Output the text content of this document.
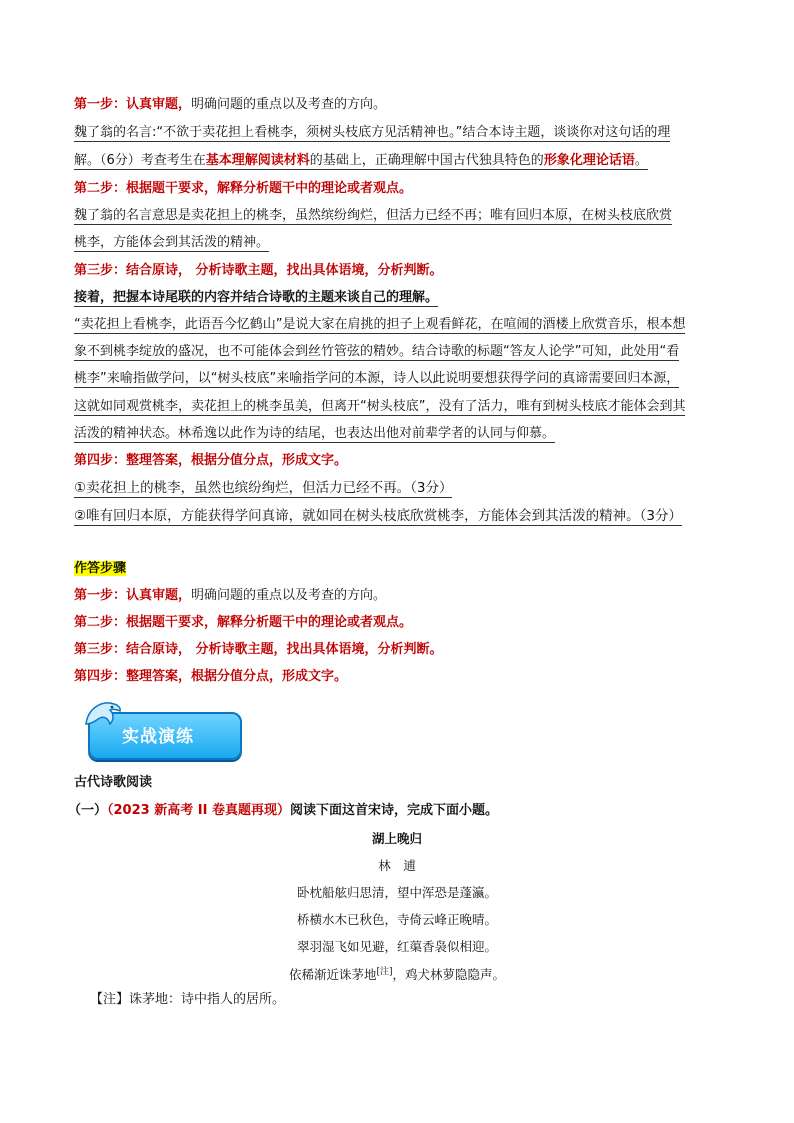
第一步：认真审题，明确问题的重点以及考查的方向。
魏了翁的名言:“不欲于卖花担上看桃李，须树头枝底方见活精神也。”结合本诗主题，谈谈你对这句话的理
解。（6分）考查考生在基本理解阅读材料的基础上，正确理解中国古代独具特色的形象化理论话语。
第二步：根据题干要求，解释分析题干中的理论或者观点。
魏了翁的名言意思是卖花担上的桃李，虽然缤纷绚烂，但活力已经不再；唯有回归本原，在树头枝底欣赏
桃李，方能体会到其活泼的精神。
第三步：结合原诗， 分析诗歌主题，找出具体语境，分析判断。
接着，把握本诗尾联的内容并结合诗歌的主题来谈自己的理解。
“卖花担上看桃李，此语吾今忆鹤山”是说大家在肩挑的担子上观看鲜花，在喧闹的酒楼上欣赏音乐，根本想
象不到桃李绽放的盛况，也不可能体会到丝竹管弦的精妙。结合诗歌的标题“答友人论学”可知，此处用“看
桃李”来喻指做学问，以“树头枝底”来喻指学问的本源，诗人以此说明要想获得学问的真谛需要回归本源，
这就如同观赏桃李，卖花担上的桃李虽美，但离开“树头枝底”，没有了活力，唯有到树头枝底才能体会到其
活泼的精神状态。林希逸以此作为诗的结尾，也表达出他对前辈学者的认同与仰慕。
第四步：整理答案，根据分值分点，形成文字。
①卖花担上的桃李，虽然也缤纷绚烂，但活力已经不再。（3分）
②唯有回归本原，方能获得学问真谛，就如同在树头枝底欣赏桃李，方能体会到其活泼的精神。（3分）
作答步骤
第一步：认真审题，明确问题的重点以及考查的方向。
第二步：根据题干要求，解释分析题干中的理论或者观点。
第三步：结合原诗， 分析诗歌主题，找出具体语境，分析判断。
第四步：整理答案，根据分值分点，形成文字。
实战演练
古代诗歌阅读
（一）（2023 新高考 II 卷真题再现）阅读下面这首宋诗，完成下面小题。
湖上晚归
林　逋
卧枕船舷归思清，望中浑恐是蓬瀛。
桥横水木已秋色，寺倚云峰正晚晴。
翠羽湿飞如见避，红蕖香袅似相迎。
依稀渐近诛茅地[注]，鸡犬林萝隐隐声。
【注】诛茅地：诗中指人的居所。
